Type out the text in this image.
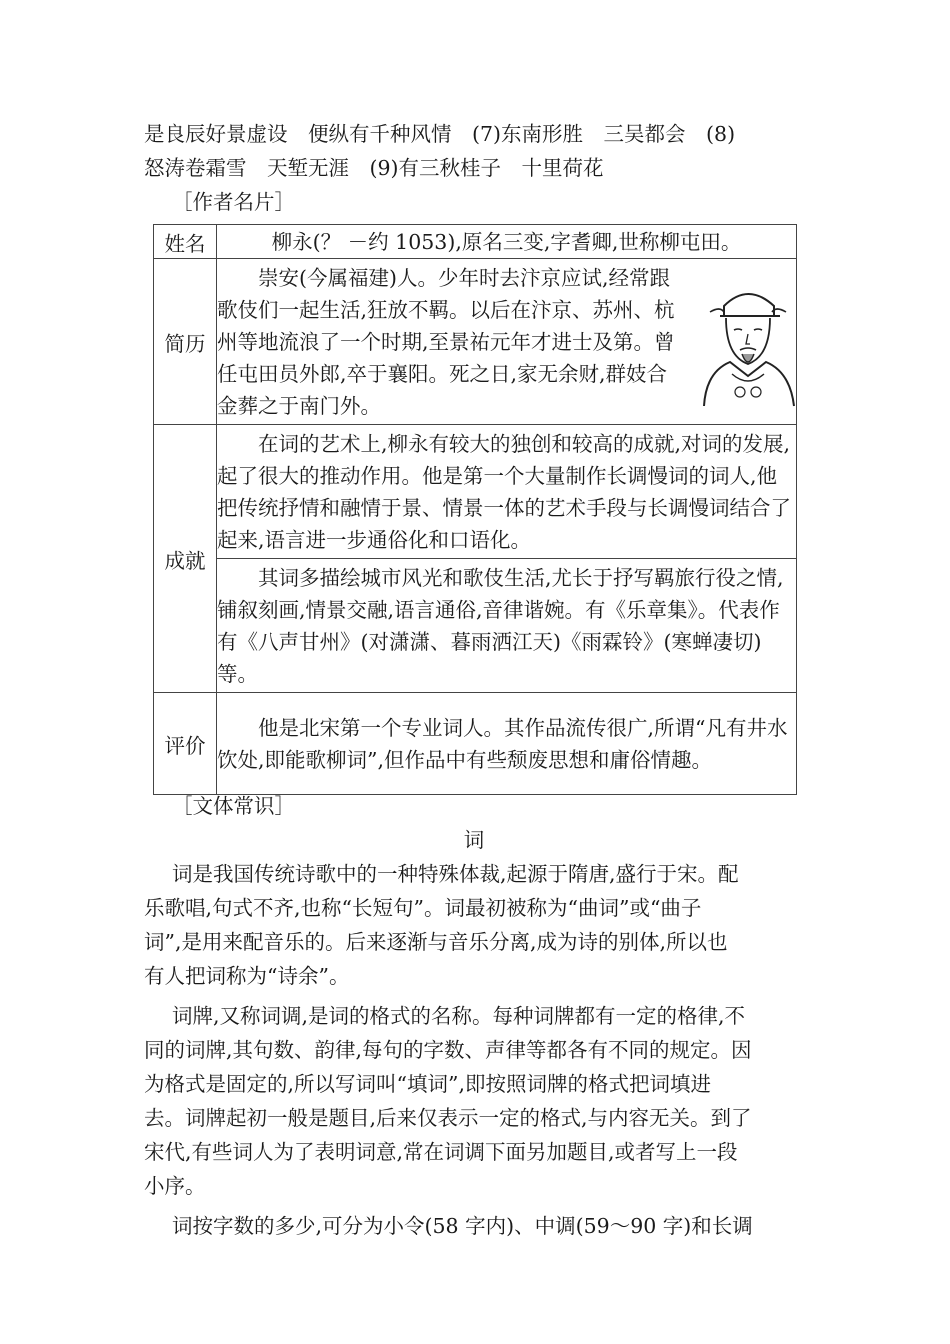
是良辰好景虚设　便纵有千种风情　(7)东南形胜　三吴都会　(8)
怒涛卷霜雪　天堑无涯　(9)有三秋桂子　十里荷花
［作者名片］
姓名	柳永(？ －约 1053),原名三变,字耆卿,世称柳屯田。
简历	崇安(今属福建)人。少年时去汴京应试,经常跟歌伎们一起生活,狂放不羁。以后在汴京、苏州、杭州等地流浪了一个时期,至景祐元年才进士及第。曾任屯田员外郎,卒于襄阳。死之日,家无余财,群妓合金葬之于南门外。

成就	在词的艺术上,柳永有较大的独创和较高的成就,对词的发展,起了很大的推动作用。他是第一个大量制作长调慢词的词人,他把传统抒情和融情于景、情景一体的艺术手段与长调慢词结合了起来,语言进一步通俗化和口语化。

	其词多描绘城市风光和歌伎生活,尤长于抒写羁旅行役之情,铺叙刻画,情景交融,语言通俗,音律谐婉。有《乐章集》。代表作有《八声甘州》(对潇潇、暮雨洒江天)《雨霖铃》(寒蝉凄切)等。

评价	他是北宋第一个专业词人。其作品流传很广,所谓“凡有井水饮处,即能歌柳词”,但作品中有些颓废思想和庸俗情趣。

［文体常识］
词
词是我国传统诗歌中的一种特殊体裁,起源于隋唐,盛行于宋。配
乐歌唱,句式不齐,也称“长短句”。词最初被称为“曲词”或“曲子
词”,是用来配音乐的。后来逐渐与音乐分离,成为诗的别体,所以也
有人把词称为“诗余”。
词牌,又称词调,是词的格式的名称。每种词牌都有一定的格律,不
同的词牌,其句数、韵律,每句的字数、声律等都各有不同的规定。因
为格式是固定的,所以写词叫“填词”,即按照词牌的格式把词填进
去。词牌起初一般是题目,后来仅表示一定的格式,与内容无关。到了
宋代,有些词人为了表明词意,常在词调下面另加题目,或者写上一段
小序。
词按字数的多少,可分为小令(58 字内)、中调(59～90 字)和长调
